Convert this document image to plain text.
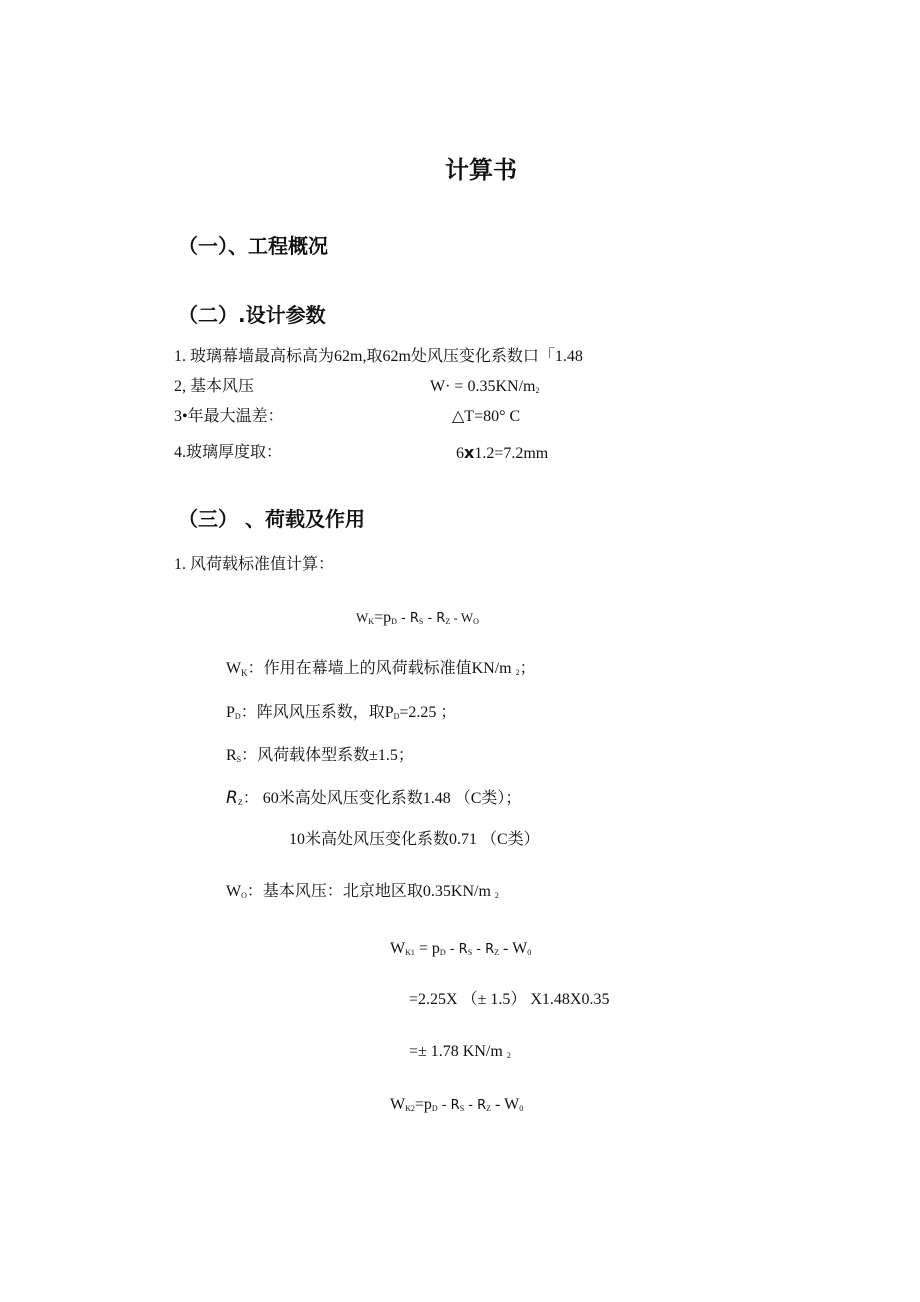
计算书
（一）、工程概况
（二）.设计参数
1. 玻璃幕墙最高标高为62m,取62m处风压变化系数口「1.48
2, 基本风压	W· = 0.35KN/m2
3•年最大温差：	△T=80° C
4.玻璃厚度取：	6x1.2=7.2mm
（三） 、荷载及作用
1. 风荷载标准值计算：
WK=pD - RS - RZ - WO
$W_K$：作用在幕墙上的风荷载标准值KN/m 2；
PD：阵风风压系数，取PD=2.25 ；
RS：风荷载体型系数±1.5；
RZ： 60米高处风压变化系数1.48 （C类）；
10米高处风压变化系数0.71 （C类）
WO：基本风压：北京地区取0.35KN/m 2
WK1 = pD - RS - RZ - W0
=2.25X （± 1.5） X1.48X0.35
=± 1.78 KN/m 2
WK2=pD - RS - RZ - W0
